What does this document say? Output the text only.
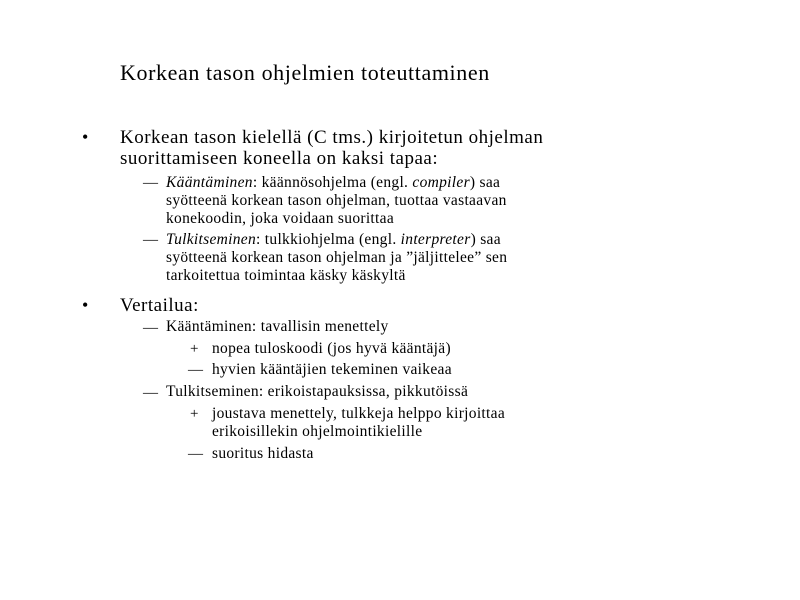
Korkean tason ohjelmien toteuttaminen
• Korkean tason kielellä (C tms.) kirjoitetun ohjelman
suorittamiseen koneella on kaksi tapaa:
— Kääntäminen: käännösohjelma (engl. compiler) saa
syötteenä korkean tason ohjelman, tuottaa vastaavan
konekoodin, joka voidaan suorittaa
— Tulkitseminen: tulkkiohjelma (engl. interpreter) saa
syötteenä korkean tason ohjelman ja ”jäljittelee” sen
tarkoitettua toimintaa käsky käskyltä
• Vertailua:
— Kääntäminen: tavallisin menettely
+ nopea tuloskoodi (jos hyvä kääntäjä)
— hyvien kääntäjien tekeminen vaikeaa
— Tulkitseminen: erikoistapauksissa, pikkutöissä
+ joustava menettely, tulkkeja helppo kirjoittaa
erikoisillekin ohjelmointikielille
— suoritus hidasta
